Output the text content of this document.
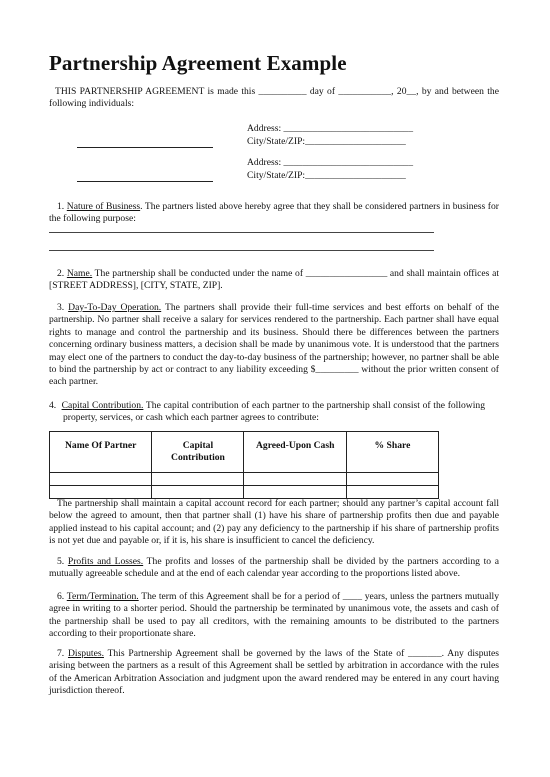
Partnership Agreement Example
THIS PARTNERSHIP AGREEMENT is made this __________ day of ___________, 20__, by and between the following individuals:
Address: ___________________________
City/State/ZIP:_____________________
Address: ___________________________
City/State/ZIP:_____________________
1. Nature of Business. The partners listed above hereby agree that they shall be considered partners in business for the following purpose:
2. Name. The partnership shall be conducted under the name of _________________ and shall maintain offices at [STREET ADDRESS], [CITY, STATE, ZIP].
3. Day-To-Day Operation. The partners shall provide their full-time services and best efforts on behalf of the partnership. No partner shall receive a salary for services rendered to the partnership. Each partner shall have equal rights to manage and control the partnership and its business. Should there be differences between the partners concerning ordinary business matters, a decision shall be made by unanimous vote. It is understood that the partners may elect one of the partners to conduct the day-to-day business of the partnership; however, no partner shall be able to bind the partnership by act or contract to any liability exceeding $_________ without the prior written consent of each partner.
4. Capital Contribution. The capital contribution of each partner to the partnership shall consist of the following property, services, or cash which each partner agrees to contribute:
Name Of Partner	Capital Contribution	Agreed-Upon Cash	% Share

The partnership shall maintain a capital account record for each partner; should any partner’s capital account fall below the agreed to amount, then that partner shall (1) have his share of partnership profits then due and payable applied instead to his capital account; and (2) pay any deficiency to the partnership if his share of partnership profits is not yet due and payable or, if it is, his share is insufficient to cancel the deficiency.
5. Profits and Losses. The profits and losses of the partnership shall be divided by the partners according to a mutually agreeable schedule and at the end of each calendar year according to the proportions listed above.
6. Term/Termination. The term of this Agreement shall be for a period of ____ years, unless the partners mutually agree in writing to a shorter period. Should the partnership be terminated by unanimous vote, the assets and cash of the partnership shall be used to pay all creditors, with the remaining amounts to be distributed to the partners according to their proportionate share.
7. Disputes. This Partnership Agreement shall be governed by the laws of the State of _______. Any disputes arising between the partners as a result of this Agreement shall be settled by arbitration in accordance with the rules of the American Arbitration Association and judgment upon the award rendered may be entered in any court having jurisdiction thereof.
